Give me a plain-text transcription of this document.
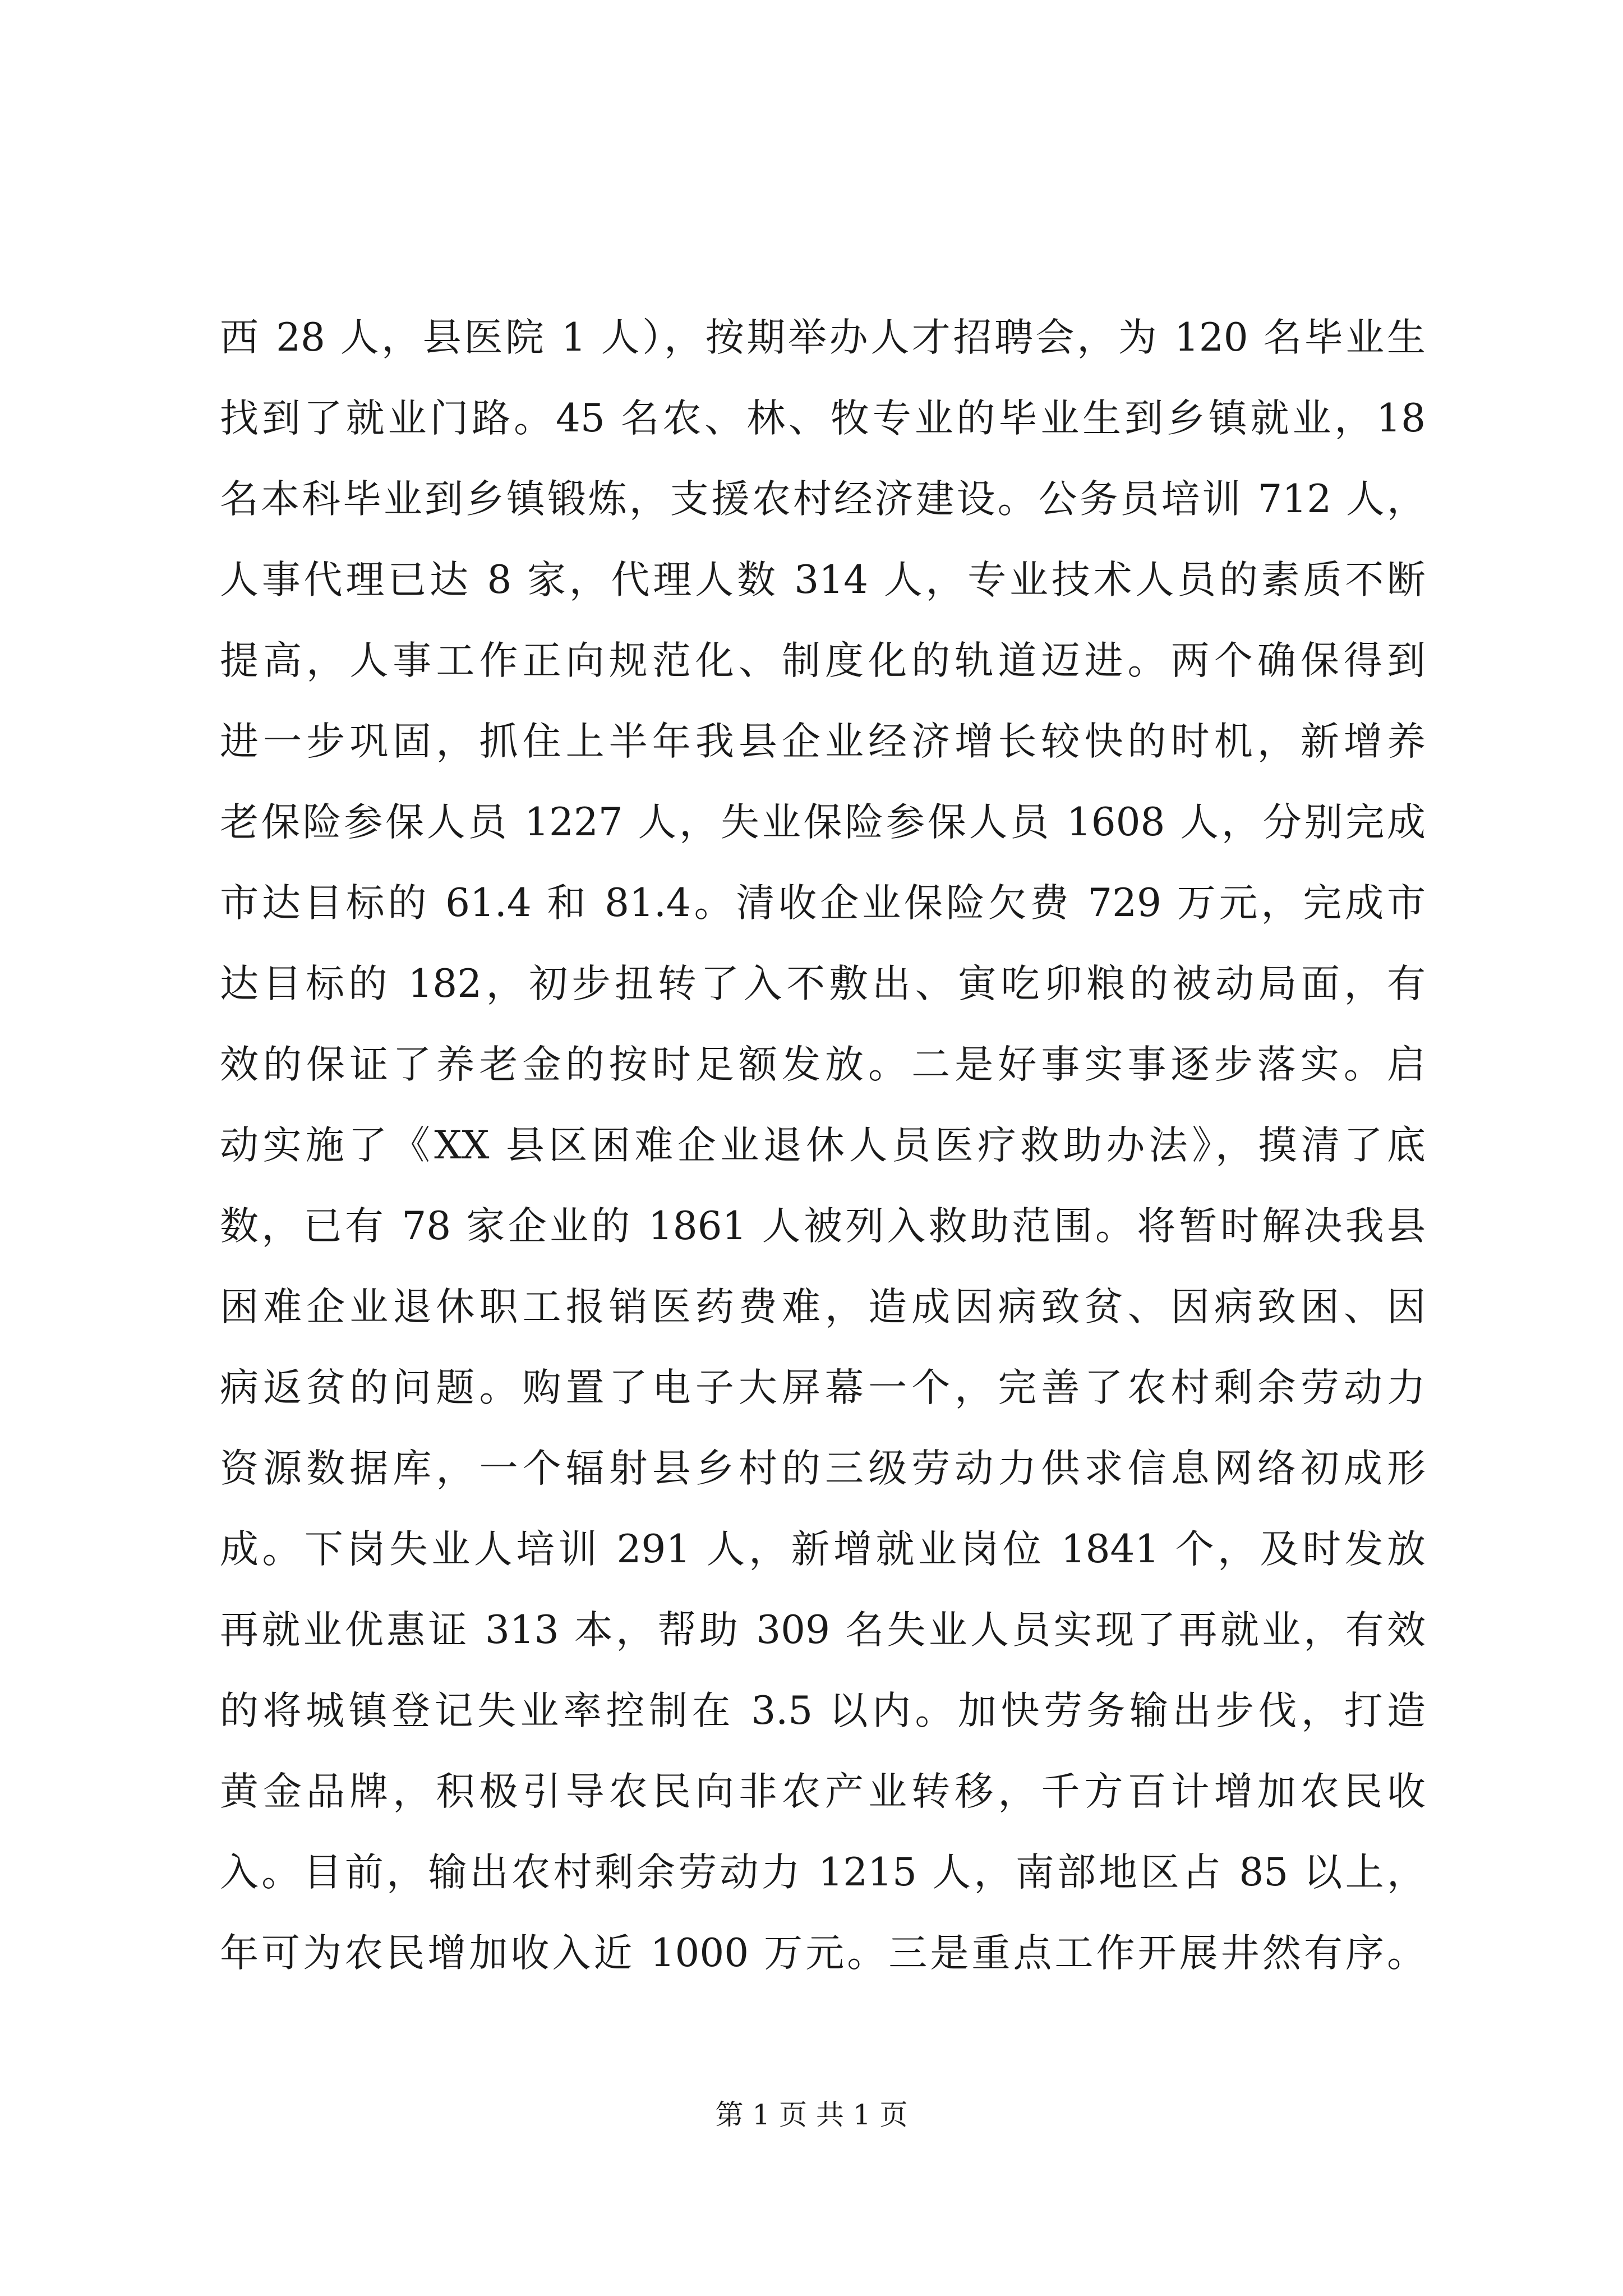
西 28 人，县医院 1 人），按期举办人才招聘会，为 120 名毕业生
找到了就业门路。45 名农、林、牧专业的毕业生到乡镇就业，18
名本科毕业到乡镇锻炼，支援农村经济建设。公务员培训 712 人，
人事代理已达 8 家，代理人数 314 人，专业技术人员的素质不断
提高，人事工作正向规范化、制度化的轨道迈进。两个确保得到
进一步巩固，抓住上半年我县企业经济增长较快的时机，新增养
老保险参保人员 1227 人，失业保险参保人员 1608 人，分别完成
市达目标的 61.4 和 81.4。清收企业保险欠费 729 万元，完成市
达目标的 182，初步扭转了入不敷出、寅吃卯粮的被动局面，有
效的保证了养老金的按时足额发放。二是好事实事逐步落实。启
动实施了《XX 县区困难企业退休人员医疗救助办法》，摸清了底
数，已有 78 家企业的 1861 人被列入救助范围。将暂时解决我县
困难企业退休职工报销医药费难，造成因病致贫、因病致困、因
病返贫的问题。购置了电子大屏幕一个，完善了农村剩余劳动力
资源数据库，一个辐射县乡村的三级劳动力供求信息网络初成形
成。下岗失业人培训 291 人，新增就业岗位 1841 个，及时发放
再就业优惠证 313 本，帮助 309 名失业人员实现了再就业，有效
的将城镇登记失业率控制在 3.5 以内。加快劳务输出步伐，打造
黄金品牌，积极引导农民向非农产业转移，千方百计增加农民收
入。目前，输出农村剩余劳动力 1215 人，南部地区占 85 以上，
年可为农民增加收入近 1000 万元。三是重点工作开展井然有序。
第 1 页 共 1 页
